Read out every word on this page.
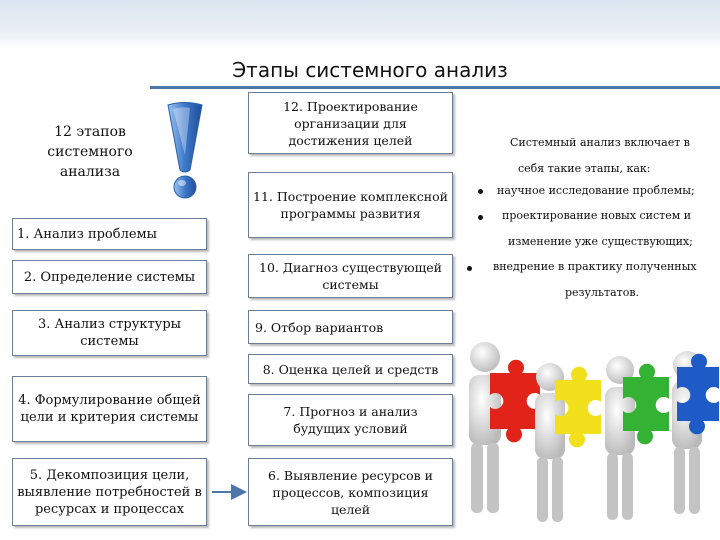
Этапы системного анализ
12 этапов системного анализа
1. Анализ проблемы
2. Определение системы
3. Анализ структуры системы
4. Формулирование общей цели и критерия системы
5. Декомпозиция цели, выявление потребностей в ресурсах и процессах
12. Проектирование организации для достижения целей
11. Построение комплексной программы развития
10. Диагноз существующей системы
9. Отбор вариантов
8. Оценка целей и средств
7. Прогноз и анализ будущих условий
6. Выявление ресурсов и процессов, композиция целей
Системный анализ включает в
себя такие этапы, как:
научное исследование проблемы;
проектирование новых систем и
изменение уже существующих;
внедрение в практику полученных
результатов.
